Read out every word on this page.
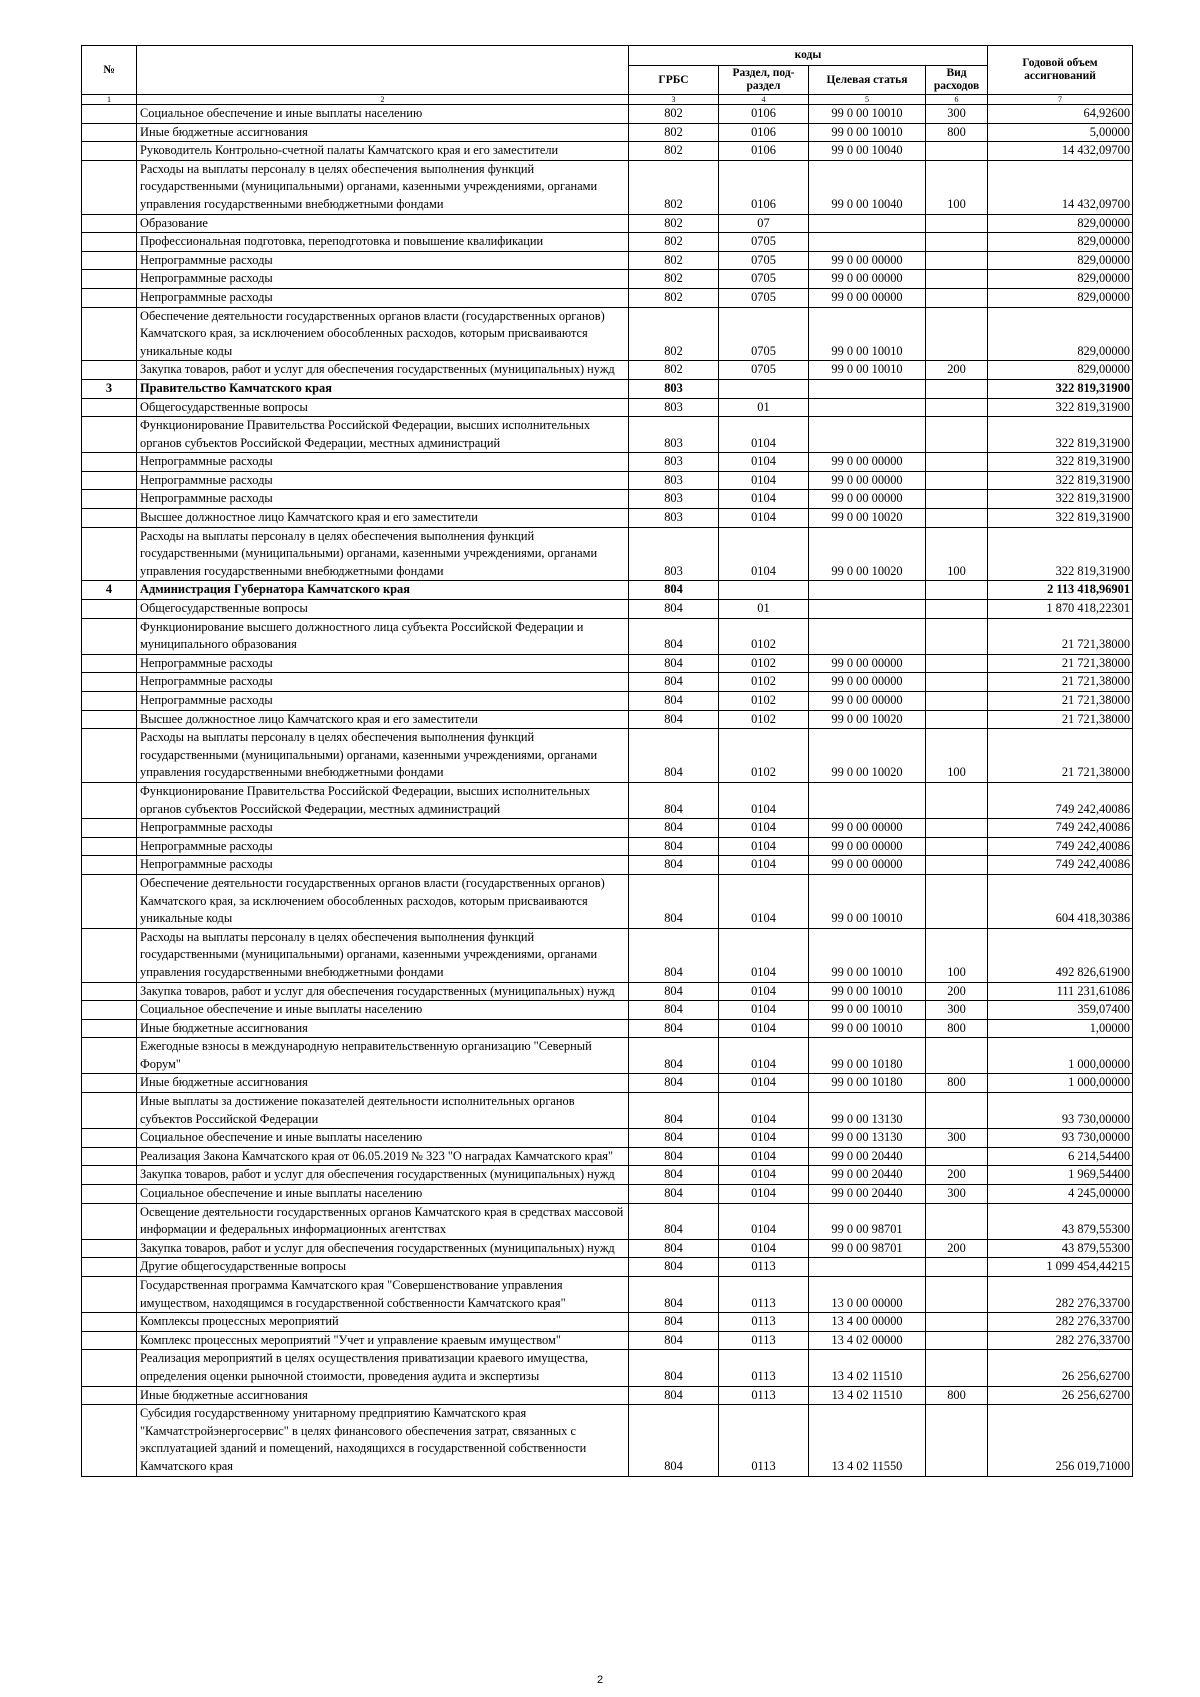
№		коды				Годовой объем ассигнований
		ГРБС	Раздел, под-раздел	Целевая статья	Вид расходов	
1	2	3	4	5	6	7
	Социальное обеспечение и иные выплаты населению	802	0106	99 0 00 10010	300	64,92600
	Иные бюджетные ассигнования	802	0106	99 0 00 10010	800	5,00000
	Руководитель Контрольно-счетной палаты Камчатского края и его заместители	802	0106	99 0 00 10040		14 432,09700
	Расходы на выплаты персоналу в целях обеспечения выполнения функций государственными (муниципальными) органами, казенными учреждениями, органами управления государственными внебюджетными фондами	802	0106	99 0 00 10040	100	14 432,09700
	Образование	802	07			829,00000
	Профессиональная подготовка, переподготовка и повышение квалификации	802	0705			829,00000
	Непрограммные расходы	802	0705	99 0 00 00000		829,00000
	Непрограммные расходы	802	0705	99 0 00 00000		829,00000
	Непрограммные расходы	802	0705	99 0 00 00000		829,00000
	Обеспечение деятельности государственных органов власти (государственных органов) Камчатского края, за исключением обособленных расходов, которым присваиваются уникальные коды	802	0705	99 0 00 10010		829,00000
	Закупка товаров, работ и услуг для обеспечения государственных (муниципальных) нужд	802	0705	99 0 00 10010	200	829,00000
3	Правительство Камчатского края	803				322 819,31900
	Общегосударственные вопросы	803	01			322 819,31900
	Функционирование Правительства Российской Федерации, высших исполнительных органов субъектов Российской Федерации, местных администраций	803	0104			322 819,31900
	Непрограммные расходы	803	0104	99 0 00 00000		322 819,31900
	Непрограммные расходы	803	0104	99 0 00 00000		322 819,31900
	Непрограммные расходы	803	0104	99 0 00 00000		322 819,31900
	Высшее должностное лицо Камчатского края и его заместители	803	0104	99 0 00 10020		322 819,31900
	Расходы на выплаты персоналу в целях обеспечения выполнения функций государственными (муниципальными) органами, казенными учреждениями, органами управления государственными внебюджетными фондами	803	0104	99 0 00 10020	100	322 819,31900
4	Администрация Губернатора Камчатского края	804				2 113 418,96901
	Общегосударственные вопросы	804	01			1 870 418,22301
	Функционирование высшего должностного лица субъекта Российской Федерации и муниципального образования	804	0102			21 721,38000
	Непрограммные расходы	804	0102	99 0 00 00000		21 721,38000
	Непрограммные расходы	804	0102	99 0 00 00000		21 721,38000
	Непрограммные расходы	804	0102	99 0 00 00000		21 721,38000
	Высшее должностное лицо Камчатского края и его заместители	804	0102	99 0 00 10020		21 721,38000
	Расходы на выплаты персоналу в целях обеспечения выполнения функций государственными (муниципальными) органами, казенными учреждениями, органами управления государственными внебюджетными фондами	804	0102	99 0 00 10020	100	21 721,38000
	Функционирование Правительства Российской Федерации, высших исполнительных органов субъектов Российской Федерации, местных администраций	804	0104			749 242,40086
	Непрограммные расходы	804	0104	99 0 00 00000		749 242,40086
	Непрограммные расходы	804	0104	99 0 00 00000		749 242,40086
	Непрограммные расходы	804	0104	99 0 00 00000		749 242,40086
	Обеспечение деятельности государственных органов власти (государственных органов) Камчатского края, за исключением обособленных расходов, которым присваиваются уникальные коды	804	0104	99 0 00 10010		604 418,30386
	Расходы на выплаты персоналу в целях обеспечения выполнения функций государственными (муниципальными) органами, казенными учреждениями, органами управления государственными внебюджетными фондами	804	0104	99 0 00 10010	100	492 826,61900
	Закупка товаров, работ и услуг для обеспечения государственных (муниципальных) нужд	804	0104	99 0 00 10010	200	111 231,61086
	Социальное обеспечение и иные выплаты населению	804	0104	99 0 00 10010	300	359,07400
	Иные бюджетные ассигнования	804	0104	99 0 00 10010	800	1,00000
	Ежегодные взносы в международную неправительственную организацию "Северный Форум"	804	0104	99 0 00 10180		1 000,00000
	Иные бюджетные ассигнования	804	0104	99 0 00 10180	800	1 000,00000
	Иные выплаты за достижение показателей деятельности исполнительных органов субъектов Российской Федерации	804	0104	99 0 00 13130		93 730,00000
	Социальное обеспечение и иные выплаты населению	804	0104	99 0 00 13130	300	93 730,00000
	Реализация Закона Камчатского края от 06.05.2019 № 323 "О наградах Камчатского края"	804	0104	99 0 00 20440		6 214,54400
	Закупка товаров, работ и услуг для обеспечения государственных (муниципальных) нужд	804	0104	99 0 00 20440	200	1 969,54400
	Социальное обеспечение и иные выплаты населению	804	0104	99 0 00 20440	300	4 245,00000
	Освещение деятельности государственных органов Камчатского края в средствах массовой информации и федеральных информационных агентствах	804	0104	99 0 00 98701		43 879,55300
	Закупка товаров, работ и услуг для обеспечения государственных (муниципальных) нужд	804	0104	99 0 00 98701	200	43 879,55300
	Другие общегосударственные вопросы	804	0113			1 099 454,44215
	Государственная программа Камчатского края "Совершенствование управления имуществом, находящимся в государственной собственности Камчатского края"	804	0113	13 0 00 00000		282 276,33700
	Комплексы процессных мероприятий	804	0113	13 4 00 00000		282 276,33700
	Комплекс процессных мероприятий "Учет и управление краевым имуществом"	804	0113	13 4 02 00000		282 276,33700
	Реализация мероприятий в целях осуществления приватизации краевого имущества, определения оценки рыночной стоимости, проведения аудита и экспертизы	804	0113	13 4 02 11510		26 256,62700
	Иные бюджетные ассигнования	804	0113	13 4 02 11510	800	26 256,62700
	Субсидия государственному унитарному предприятию Камчатского края "Камчатстройэнергосервис" в целях финансового обеспечения затрат, связанных с эксплуатацией зданий и помещений, находящихся в государственной собственности Камчатского края	804	0113	13 4 02 11550		256 019,71000
2
